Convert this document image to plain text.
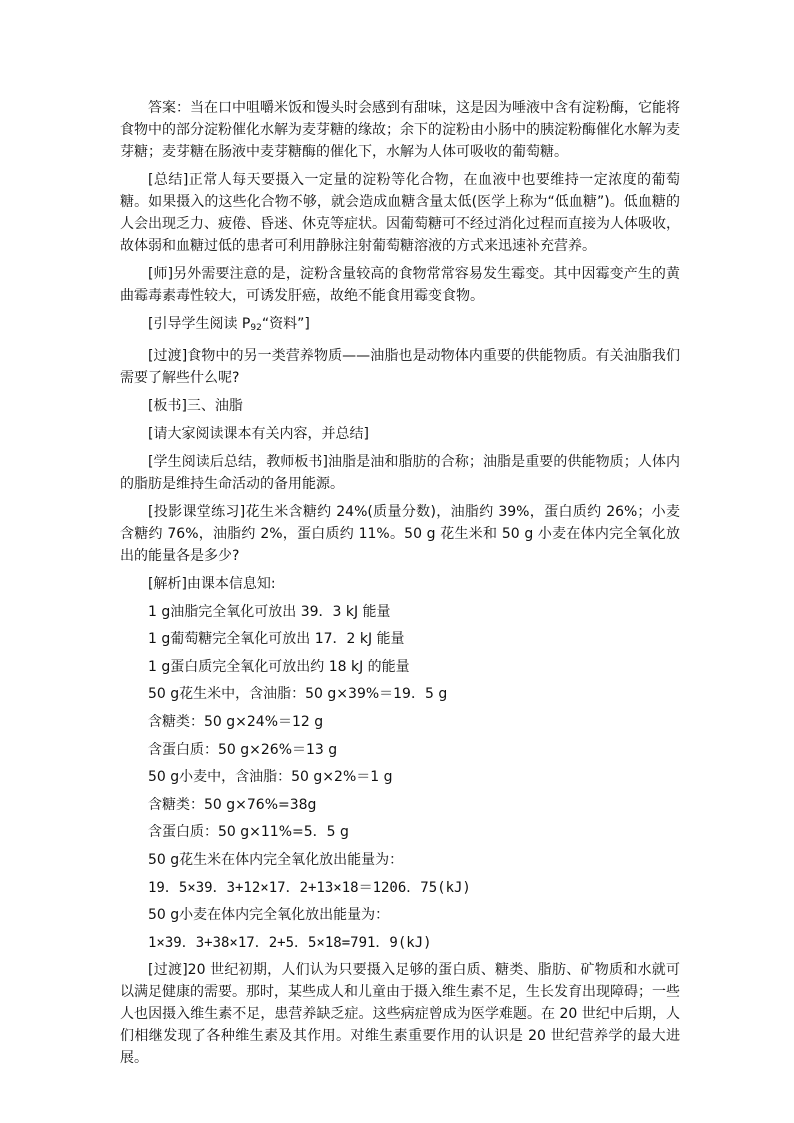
答案：当在口中咀嚼米饭和馒头时会感到有甜味，这是因为唾液中含有淀粉酶，它能将食物中的部分淀粉催化水解为麦芽糖的缘故；余下的淀粉由小肠中的胰淀粉酶催化水解为麦芽糖；麦芽糖在肠液中麦芽糖酶的催化下，水解为人体可吸收的葡萄糖。

[总结]正常人每天要摄入一定量的淀粉等化合物，在血液中也要维持一定浓度的葡萄糖。如果摄入的这些化合物不够，就会造成血糖含量太低(医学上称为“低血糖”)。低血糖的人会出现乏力、疲倦、昏迷、休克等症状。因葡萄糖可不经过消化过程而直接为人体吸收，故体弱和血糖过低的患者可利用静脉注射葡萄糖溶液的方式来迅速补充营养。

[师]另外需要注意的是，淀粉含量较高的食物常常容易发生霉变。其中因霉变产生的黄曲霉毒素毒性较大，可诱发肝癌，故绝不能食用霉变食物。

[引导学生阅读 $P_{92}“$资料”]

[过渡]食物中的另一类营养物质——油脂也是动物体内重要的供能物质。有关油脂我们需要了解些什么呢?

[板书]三、油脂

[请大家阅读课本有关内容，并总结]

[学生阅读后总结，教师板书]油脂是油和脂肪的合称；油脂是重要的供能物质；人体内的脂肪是维持生命活动的备用能源。

[投影课堂练习]花生米含糖约 24%(质量分数)，油脂约 39%，蛋白质约 26%；小麦含糖约 76%，油脂约 2%，蛋白质约 11%。50 g 花生米和 50 g 小麦在体内完全氧化放出的能量各是多少?

[解析]由课本信息知:
1 g油脂完全氧化可放出 39．3 kJ 能量
1 g葡萄糖完全氧化可放出 17．2 kJ 能量
1 g蛋白质完全氧化可放出约 18 kJ 的能量
50 g花生米中，含油脂：50 g×39%＝19．5 g
含糖类：50 g×24%＝12 g
含蛋白质：50 g×26%＝13 g
50 g小麦中，含油脂：50 g×2%＝1 g
含糖类：50 g×76%=38g
含蛋白质：50 g×11%=5．5 g
50 g花生米在体内完全氧化放出能量为：
19．5×39．3+12×17．2+13×18＝1206．75(kJ)
50 g小麦在体内完全氧化放出能量为：
1×39．3+38×17．2+5．5×18=791．9(kJ)

[过渡]20 世纪初期，人们认为只要摄入足够的蛋白质、糖类、脂肪、矿物质和水就可以满足健康的需要。那时，某些成人和儿童由于摄入维生素不足，生长发育出现障碍；一些人也因摄入维生素不足，患营养缺乏症。这些病症曾成为医学难题。在 20 世纪中后期，人们相继发现了各种维生素及其作用。对维生素重要作用的认识是 20 世纪营养学的最大进展。
